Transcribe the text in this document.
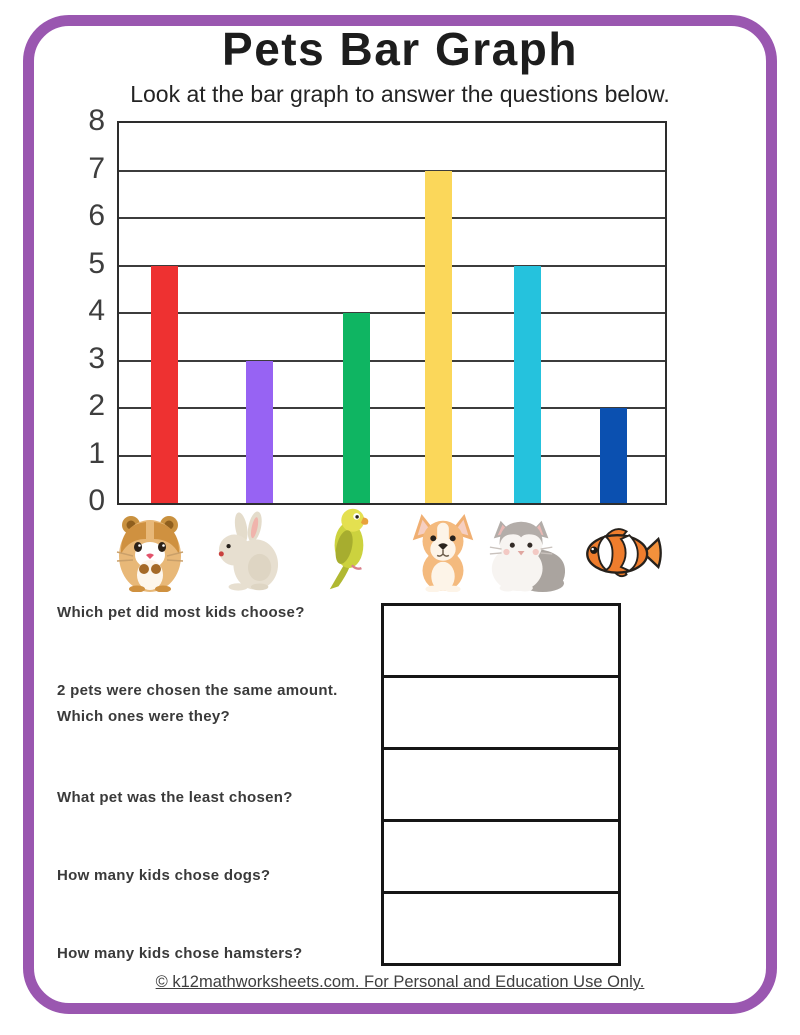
Pets Bar Graph
Look at the bar graph to answer the questions below.
0
1
2
3
4
5
6
7
8
Which pet did most kids choose?
2 pets were chosen the same amount.
Which ones were they?
What pet was the least chosen?
How many kids chose dogs?
How many kids chose hamsters?
© k12mathworksheets.com. For Personal and Education Use Only.
